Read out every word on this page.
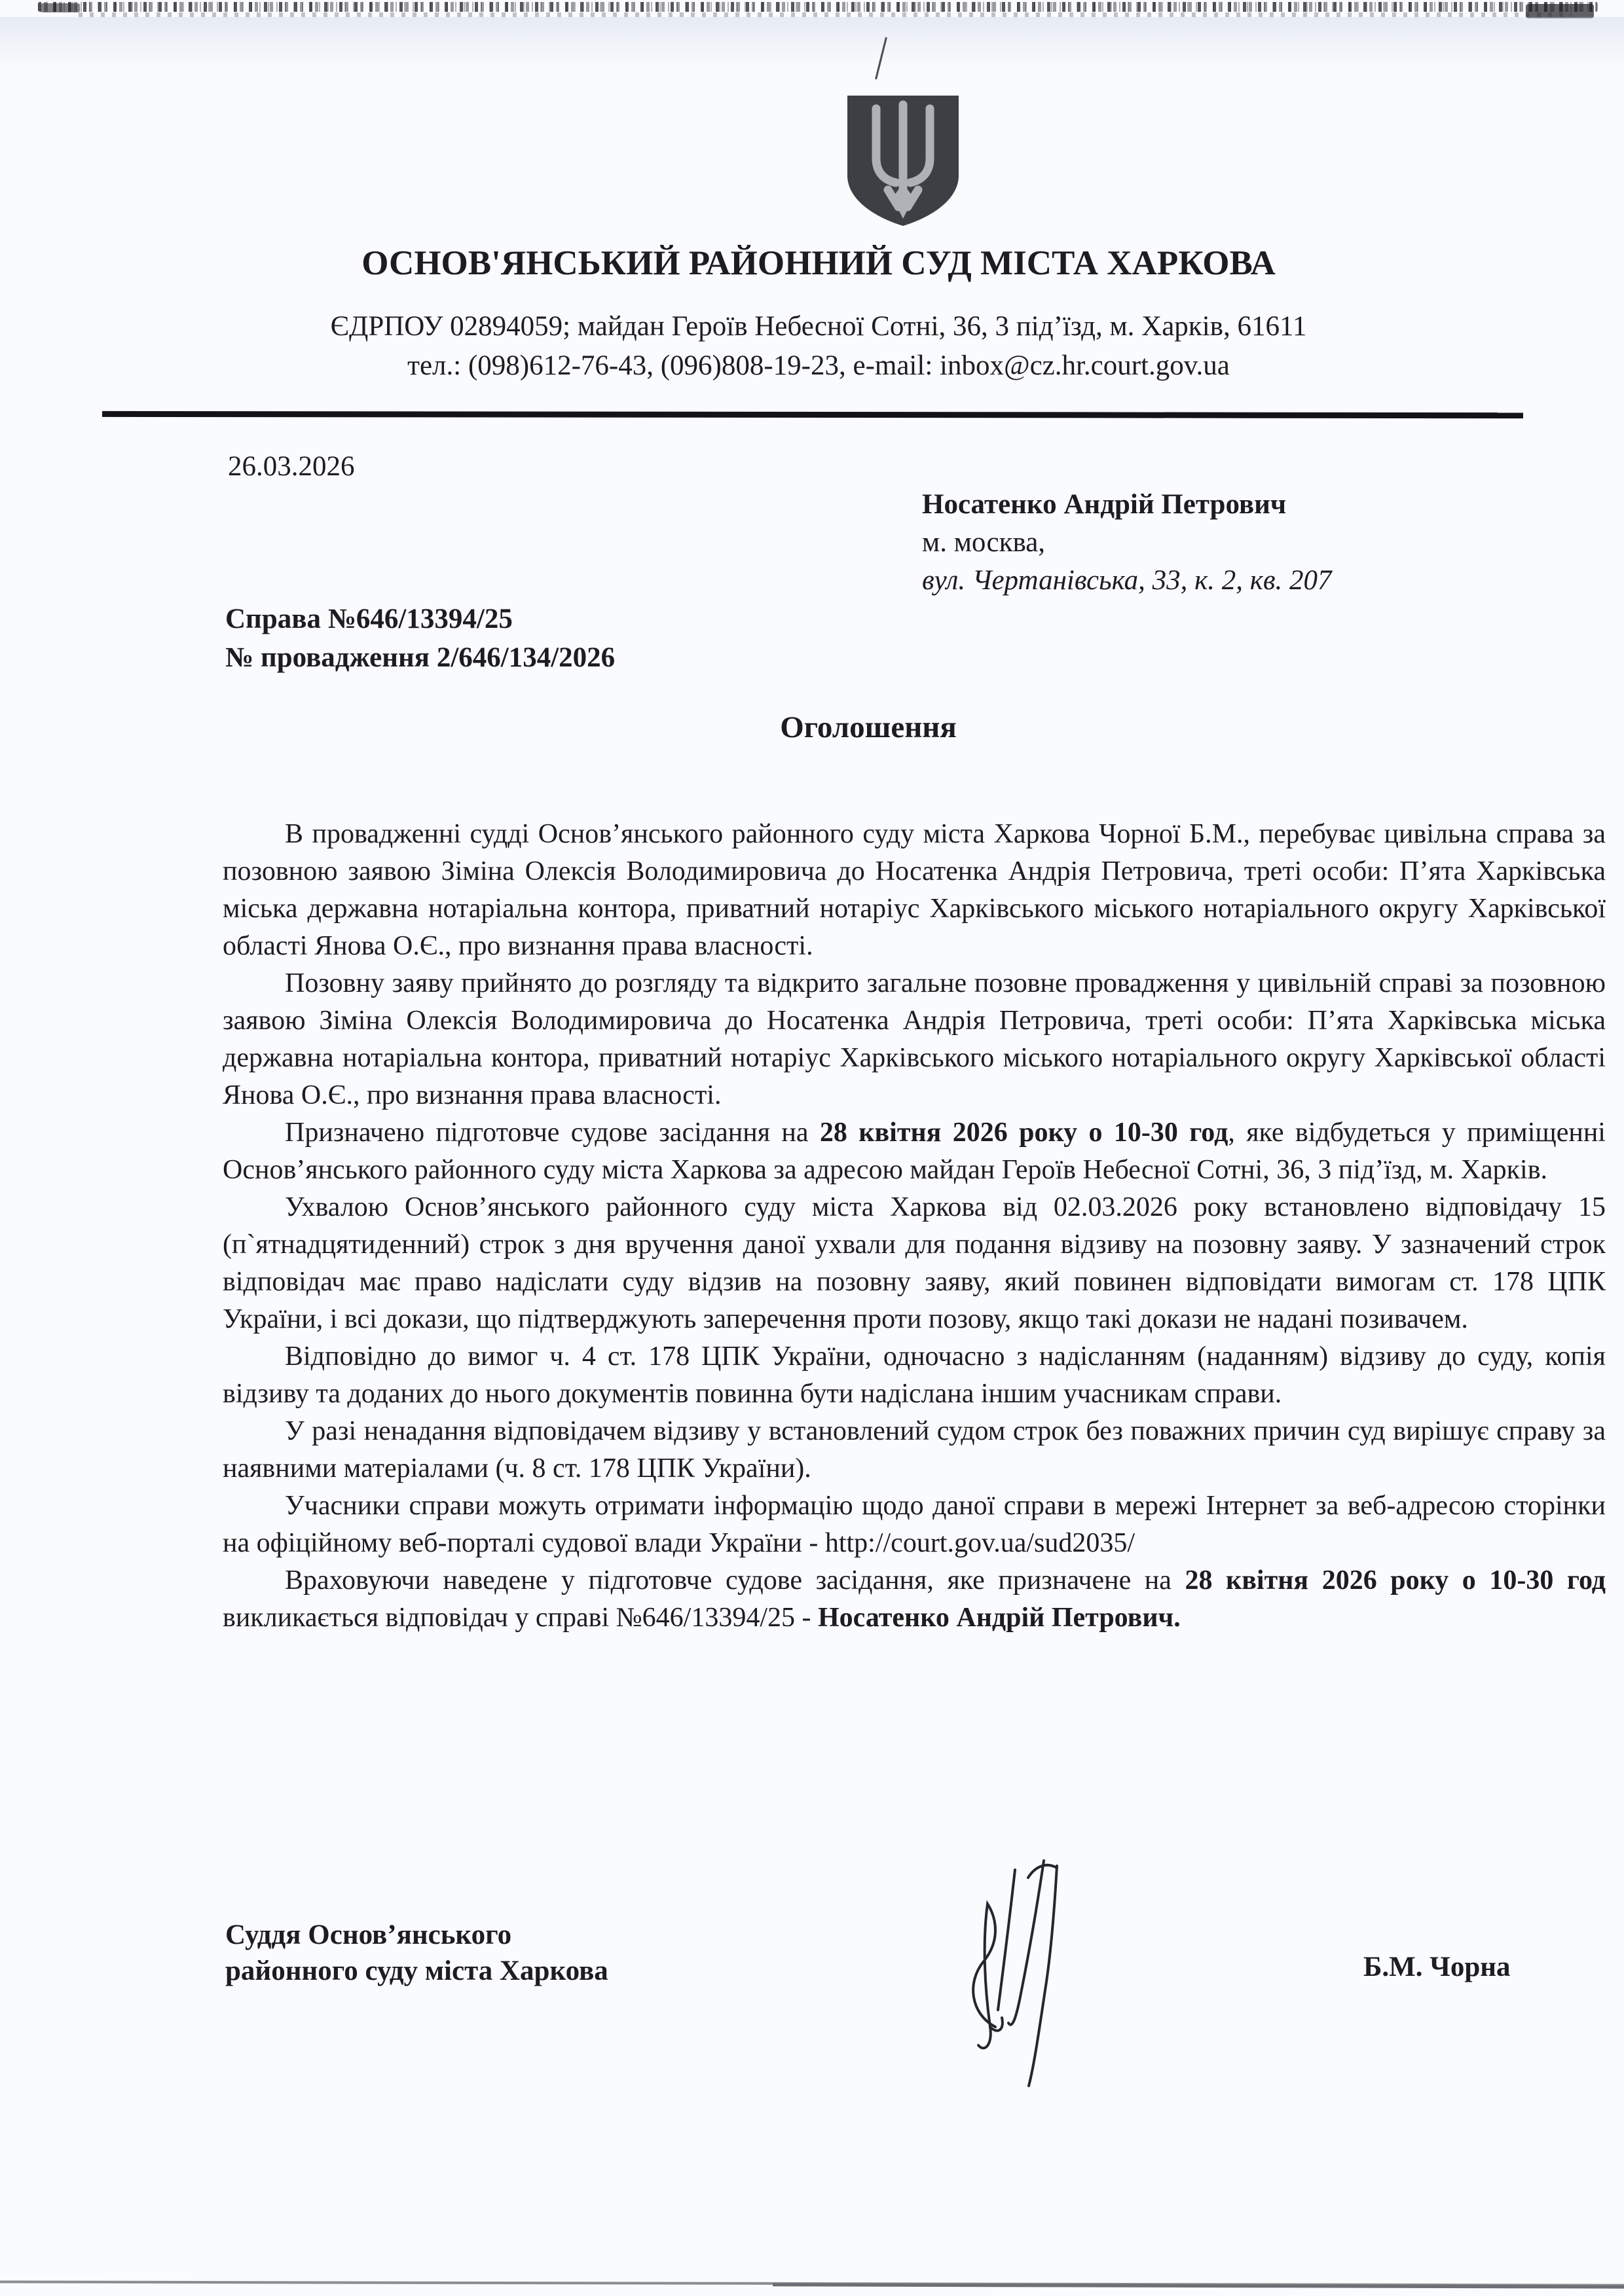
ОСНОВ'ЯНСЬКИЙ РАЙОННИЙ СУД МІСТА ХАРКОВА
ЄДРПОУ 02894059; майдан Героїв Небесної Сотні, 36, 3 під’їзд, м. Харків, 61611
тел.: (098)612-76-43, (096)808-19-23, e-mail: inbox@cz.hr.court.gov.ua
26.03.2026
Носатенко Андрій Петрович
м. москва,
вул. Чертанівська, 33, к. 2, кв. 207
Справа №646/13394/25
№ провадження 2/646/134/2026
Оголошення

В провадженні судді Основ’янського районного суду міста Харкова Чорної Б.М., перебуває цивільна справа за позовною заявою Зіміна Олексія Володимировича до Носатенка Андрія Петровича, треті особи: П’ята Харківська міська державна нотаріальна контора, приватний нотаріус Харківського міського нотаріального округу Харківської області Янова О.Є., про визнання права власності.

Позовну заяву прийнято до розгляду та відкрито загальне позовне провадження у цивільній справі за позовною заявою Зіміна Олексія Володимировича до Носатенка Андрія Петровича, треті особи: П’ята Харківська міська державна нотаріальна контора, приватний нотаріус Харківського міського нотаріального округу Харківської області Янова О.Є., про визнання права власності.

Призначено підготовче судове засідання на 28 квітня 2026 року о 10-30 год, яке відбудеться у приміщенні Основ’янського районного суду міста Харкова за адресою майдан Героїв Небесної Сотні, 36, 3 під’їзд, м. Харків.

Ухвалою Основ’янського районного суду міста Харкова від 02.03.2026 року встановлено відповідачу 15 (п`ятнадцятиденний) строк з дня вручення даної ухвали для подання відзиву на позовну заяву. У зазначений строк відповідач має право надіслати суду відзив на позовну заяву, який повинен відповідати вимогам ст. 178 ЦПК України, і всі докази, що підтверджують заперечення проти позову, якщо такі докази не надані позивачем.

Відповідно до вимог ч. 4 ст. 178 ЦПК України, одночасно з надісланням (наданням) відзиву до суду, копія відзиву та доданих до нього документів повинна бути надіслана іншим учасникам справи.

У разі ненадання відповідачем відзиву у встановлений судом строк без поважних причин суд вирішує справу за наявними матеріалами (ч. 8 ст. 178 ЦПК України).

Учасники справи можуть отримати інформацію щодо даної справи в мережі Інтернет за веб-адресою сторінки на офіційному веб-порталі судової влади України - http://court.gov.ua/sud2035/

Враховуючи наведене у підготовче судове засідання, яке призначене на 28 квітня 2026 року о 10-30 год викликається відповідач у справі №646/13394/25 - Носатенко Андрій Петрович.

Суддя Основ’янського
районного суду міста Харкова	Б.М. Чорна
